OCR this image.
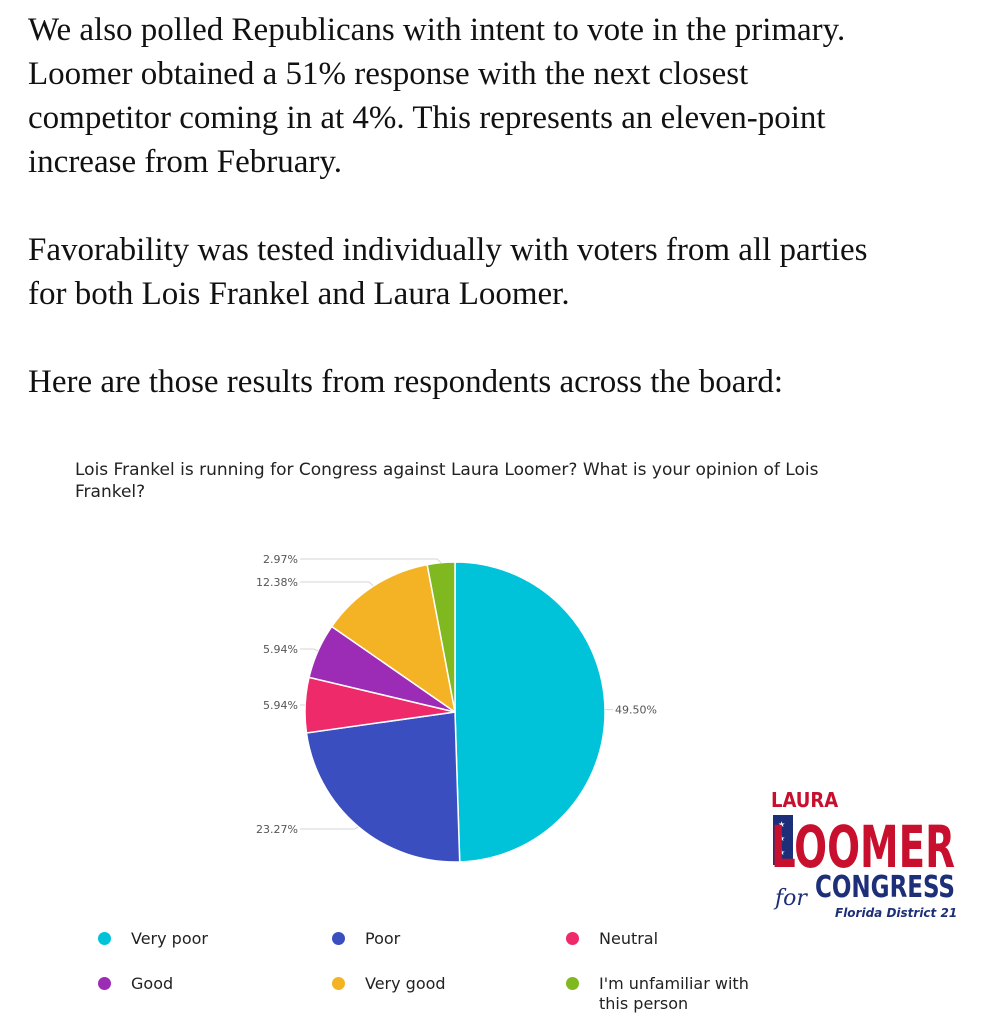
We also polled Republicans with intent to vote in the primary.
Loomer obtained a 51% response with the next closest
competitor coming in at 4%. This represents an eleven-point
increase from February.

Favorability was tested individually with voters from all parties
for both Lois Frankel and Laura Loomer.

Here are those results from respondents across the board:

Lois Frankel is running for Congress against Laura Loomer? What is your opinion of Lois Frankel?

2.97%
12.38%
5.94%
5.94%
23.27%
49.50%
Very poor	Poor	Neutral
Good	Very good	I'm unfamiliar with this person
LAURA
★
★
★
LOOMER
for CONGRESS
Florida District 21
